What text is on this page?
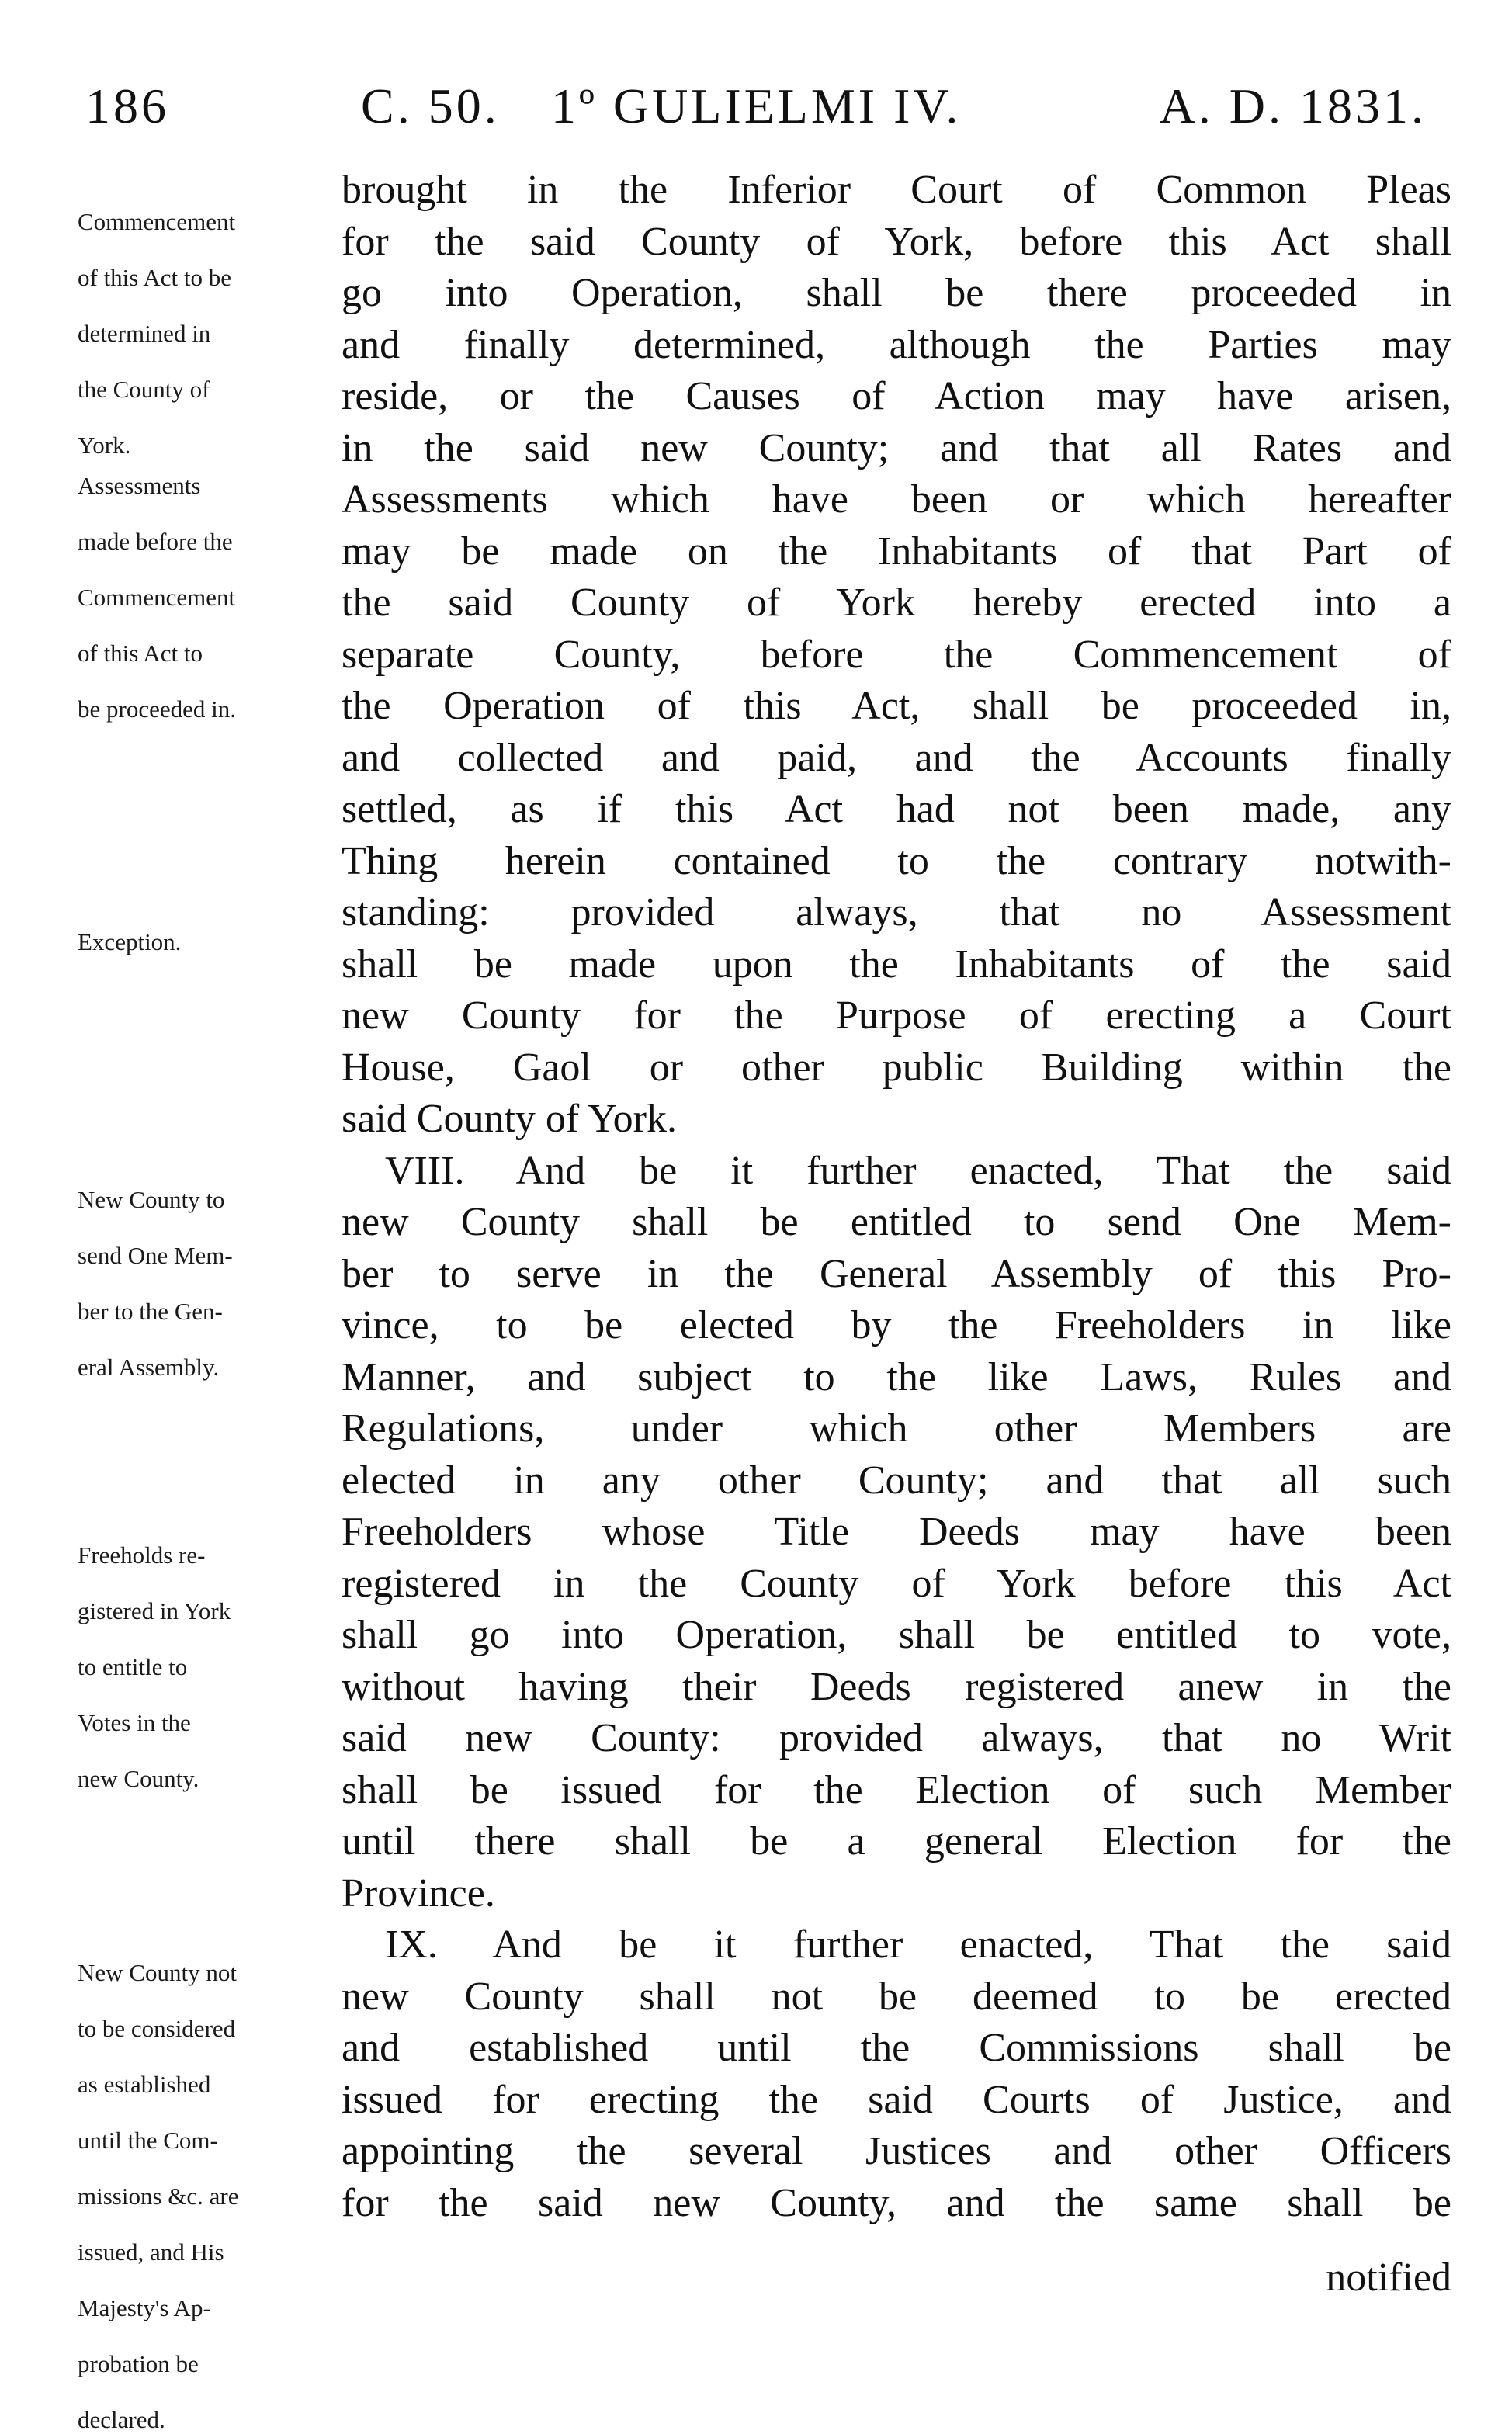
186	C. 50. 1º GULIELMI IV.	A. D. 1831.

Commencement

of this Act to be

determined in

the County of

York.

Assessments

made before the

Commencement

of this Act to

be proceeded in.

Exception.

New County to

send One Mem-

ber to the Gen-

eral Assembly.

Freeholds re-

gistered in York

to entitle to

Votes in the

new County.

New County not

to be considered

as established

until the Com-

missions &c. are

issued, and His

Majesty's Ap-

probation be

declared.

brought in the Inferior Court of Common Pleas
for the said County of York, before this Act shall
go into Operation, shall be there proceeded in
and finally determined, although the Parties may
reside, or the Causes of Action may have arisen,
in the said new County; and that all Rates and
Assessments which have been or which hereafter
may be made on the Inhabitants of that Part of
the said County of York hereby erected into a
separate County, before the Commencement of
the Operation of this Act, shall be proceeded in,
and collected and paid, and the Accounts finally
settled, as if this Act had not been made, any
Thing herein contained to the contrary notwith-
standing: provided always, that no Assessment
shall be made upon the Inhabitants of the said
new County for the Purpose of erecting a Court
House, Gaol or other public Building within the
said County of York.
VIII. And be it further enacted, That the said
new County shall be entitled to send One Mem-
ber to serve in the General Assembly of this Pro-
vince, to be elected by the Freeholders in like
Manner, and subject to the like Laws, Rules and
Regulations, under which other Members are
elected in any other County; and that all such
Freeholders whose Title Deeds may have been
registered in the County of York before this Act
shall go into Operation, shall be entitled to vote,
without having their Deeds registered anew in the
said new County: provided always, that no Writ
shall be issued for the Election of such Member
until there shall be a general Election for the
Province.
IX. And be it further enacted, That the said
new County shall not be deemed to be erected
and established until the Commissions shall be
issued for erecting the said Courts of Justice, and
appointing the several Justices and other Officers
for the said new County, and the same shall be
notified
